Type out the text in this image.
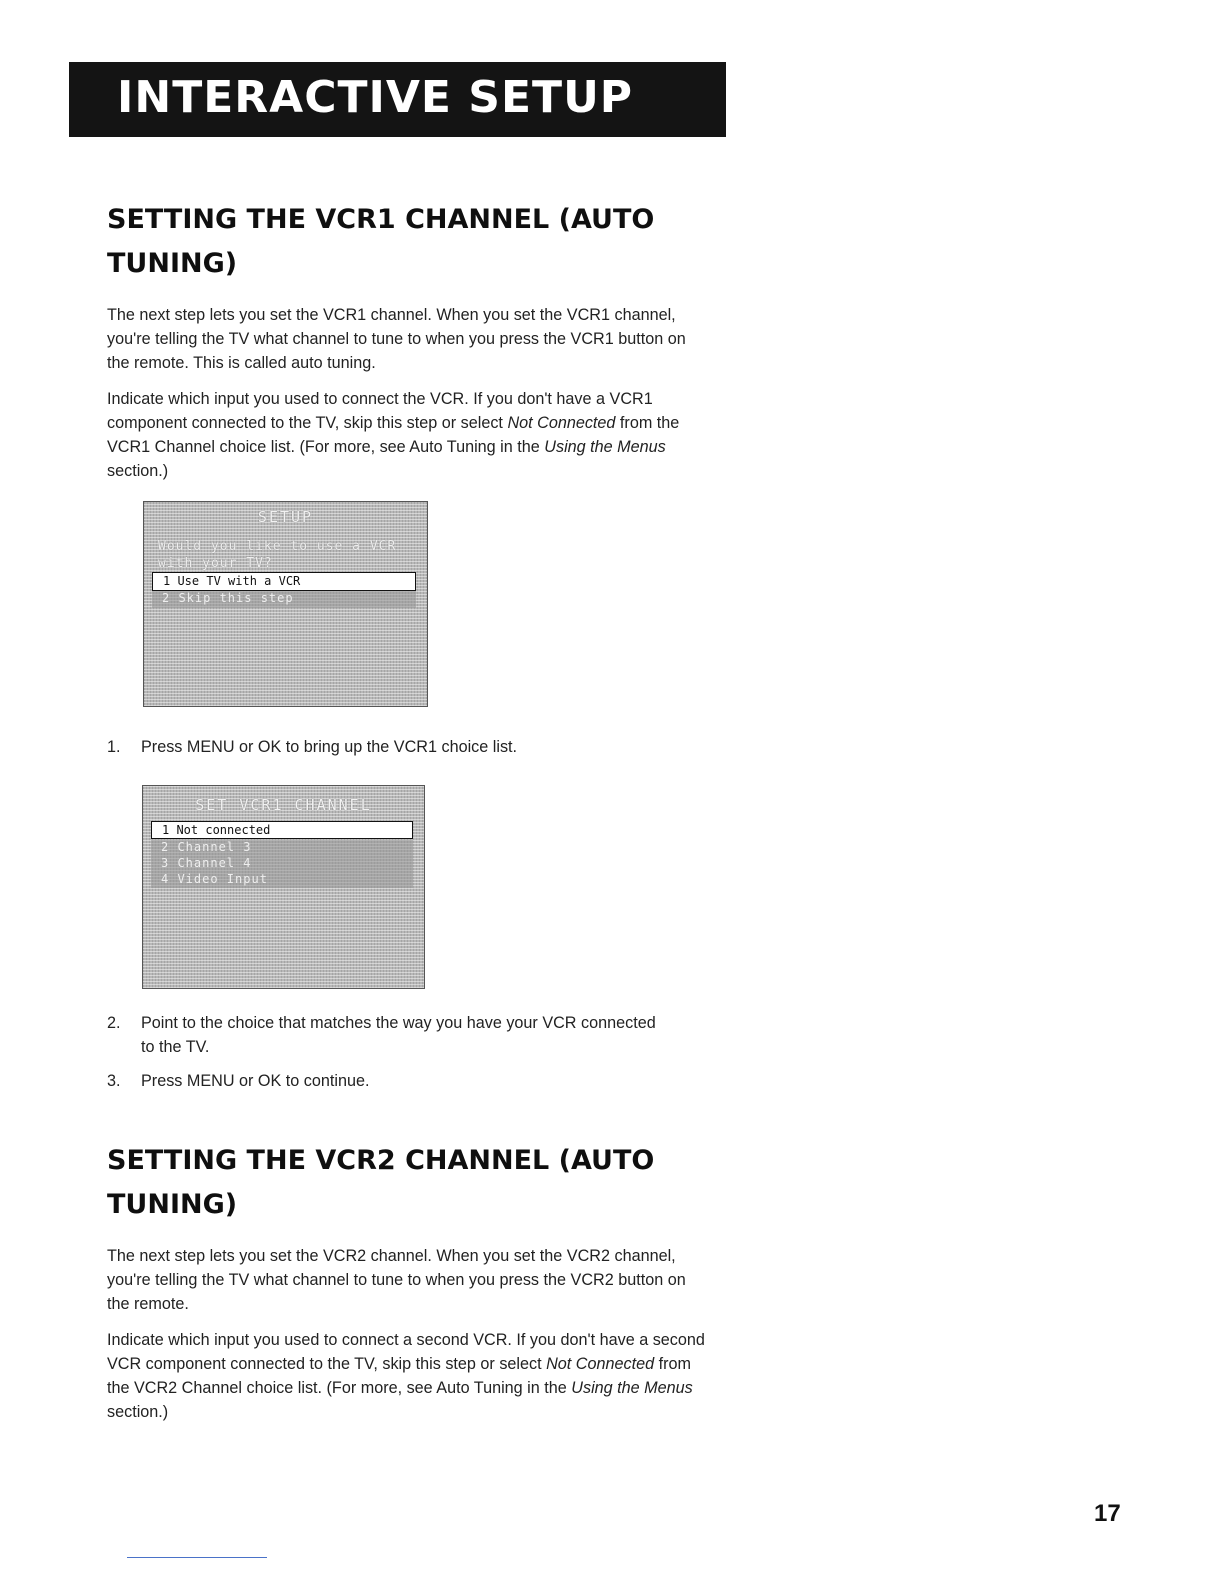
INTERACTIVE SETUP
SETTING THE VCR1 CHANNEL (AUTO
TUNING)

The next step lets you set the VCR1 channel. When you set the VCR1 channel, you're telling the TV what channel to tune to when you press the VCR1 button on the remote. This is called auto tuning.

Indicate which input you used to connect the VCR. If you don't have a VCR1 component connected to the TV, skip this step or select Not Connected from the VCR1 Channel choice list. (For more, see Auto Tuning in the Using the Menus section.)

SETUP
Would you like to use a VCR
with your TV?
1 Use TV with a VCR
2 Skip this step
1. Press MENU or OK to bring up the VCR1 choice list.
SET VCR1 CHANNEL
1 Not connected
2 Channel 3
3 Channel 4
4 Video Input
2. Point to the choice that matches the way you have your VCR connected to the TV.
3. Press MENU or OK to continue.
SETTING THE VCR2 CHANNEL (AUTO
TUNING)

The next step lets you set the VCR2 channel. When you set the VCR2 channel, you're telling the TV what channel to tune to when you press the VCR2 button on the remote.

Indicate which input you used to connect a second VCR. If you don't have a second VCR component connected to the TV, skip this step or select Not Connected from the VCR2 Channel choice list. (For more, see Auto Tuning in the Using the Menus section.)

17
